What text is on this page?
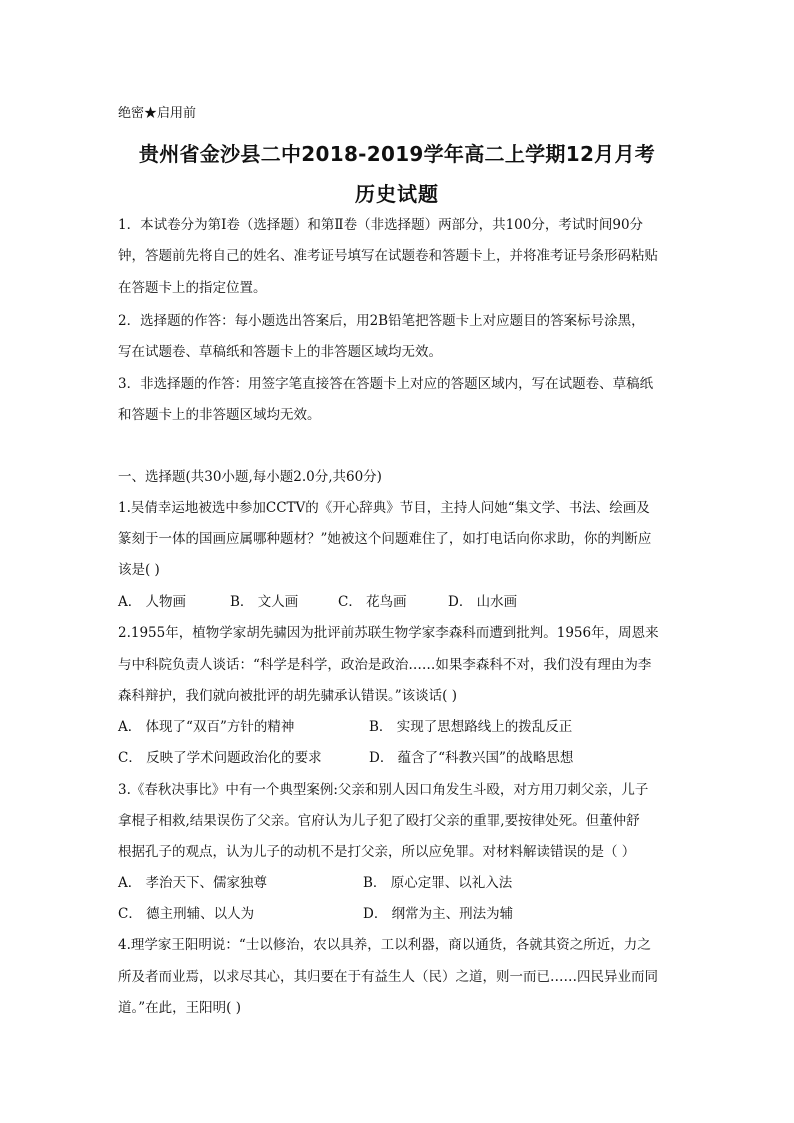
绝密★启用前
贵州省金沙县二中2018-2019学年高二上学期12月月考
历史试题
1．本试卷分为第Ⅰ卷（选择题）和第Ⅱ卷（非选择题）两部分，共100分，考试时间90分
钟，答题前先将自己的姓名、准考证号填写在试题卷和答题卡上，并将准考证号条形码粘贴
在答题卡上的指定位置。
2．选择题的作答：每小题选出答案后，用2B铅笔把答题卡上对应题目的答案标号涂黑，
写在试题卷、草稿纸和答题卡上的非答题区域均无效。
3．非选择题的作答：用签字笔直接答在答题卡上对应的答题区域内，写在试题卷、草稿纸
和答题卡上的非答题区域均无效。
一、选择题(共30小题,每小题2.0分,共60分)
1.吴倩幸运地被选中参加CCTV的《开心辞典》节目，主持人问她“集文学、书法、绘画及
篆刻于一体的国画应属哪种题材？”她被这个问题难住了，如打电话向你求助，你的判断应
该是( )
A． 人物画	B． 文人画	C． 花鸟画	D． 山水画
2.1955年，植物学家胡先骕因为批评前苏联生物学家李森科而遭到批判。1956年，周恩来
与中科院负责人谈话：“科学是科学，政治是政治……如果李森科不对，我们没有理由为李
森科辩护，我们就向被批评的胡先骕承认错误。”该谈话( )
A． 体现了“双百”方针的精神	B． 实现了思想路线上的拨乱反正
C． 反映了学术问题政治化的要求	D． 蕴含了“科教兴国”的战略思想
3.《春秋决事比》中有一个典型案例:父亲和别人因口角发生斗殴，对方用刀刺父亲，儿子
拿棍子相救,结果误伤了父亲。官府认为儿子犯了殴打父亲的重罪,要按律处死。但董仲舒
根据孔子的观点，认为儿子的动机不是打父亲，所以应免罪。对材料解读错误的是（ ）
A． 孝治天下、儒家独尊	B． 原心定罪、以礼入法
C． 德主刑辅、以人为	D． 纲常为主、刑法为辅
4.理学家王阳明说：“士以修治，农以具养，工以利器，商以通货，各就其资之所近，力之
所及者而业焉，以求尽其心，其归要在于有益生人（民）之道，则一而已……四民异业而同
道。”在此，王阳明( )
